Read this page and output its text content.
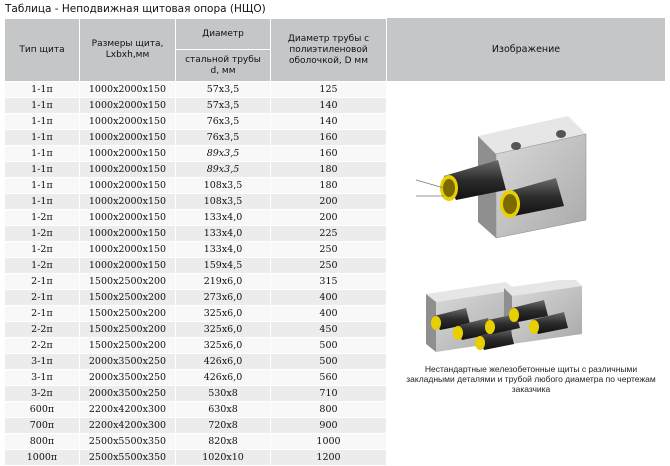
Таблица - Неподвижная щитовая опора (НЩО)
Тип щита	Размеры щита, Lxbxh,мм	Диаметр	Диаметр трубы с полиэтиленовой оболочкой, D мм
		стальной трубы d, мм	
1-1п	1000x2000x150	57x3,5	125
1-1п	1000x2000x150	57x3,5	140
1-1п	1000x2000x150	76x3,5	140
1-1п	1000x2000x150	76x3,5	160
1-1п	1000x2000x150	89x3,5	160
1-1п	1000x2000x150	89x3,5	180
1-1п	1000x2000x150	108x3,5	180
1-1п	1000x2000x150	108x3,5	200
1-2п	1000x2000x150	133x4,0	200
1-2п	1000x2000x150	133x4,0	225
1-2п	1000x2000x150	133x4,0	250
1-2п	1000x2000x150	159x4,5	250
2-1п	1500x2500x200	219x6,0	315
2-1п	1500x2500x200	273x6,0	400
2-1п	1500x2500x200	325x6,0	400
2-2п	1500x2500x200	325x6,0	450
2-2п	1500x2500x200	325x6,0	500
3-1п	2000x3500x250	426x6,0	500
3-1п	2000x3500x250	426x6,0	560
3-2п	2000x3500x250	530x8	710
600п	2200x4200x300	630x8	800
700п	2200x4200x300	720x8	900
800п	2500x5500x350	820x8	1000
1000п	2500x5500x350	1020x10	1200
Изображение
Нестандартные железобетонные щиты с различными закладными деталями и трубой любого диаметра по чертежам заказчика
